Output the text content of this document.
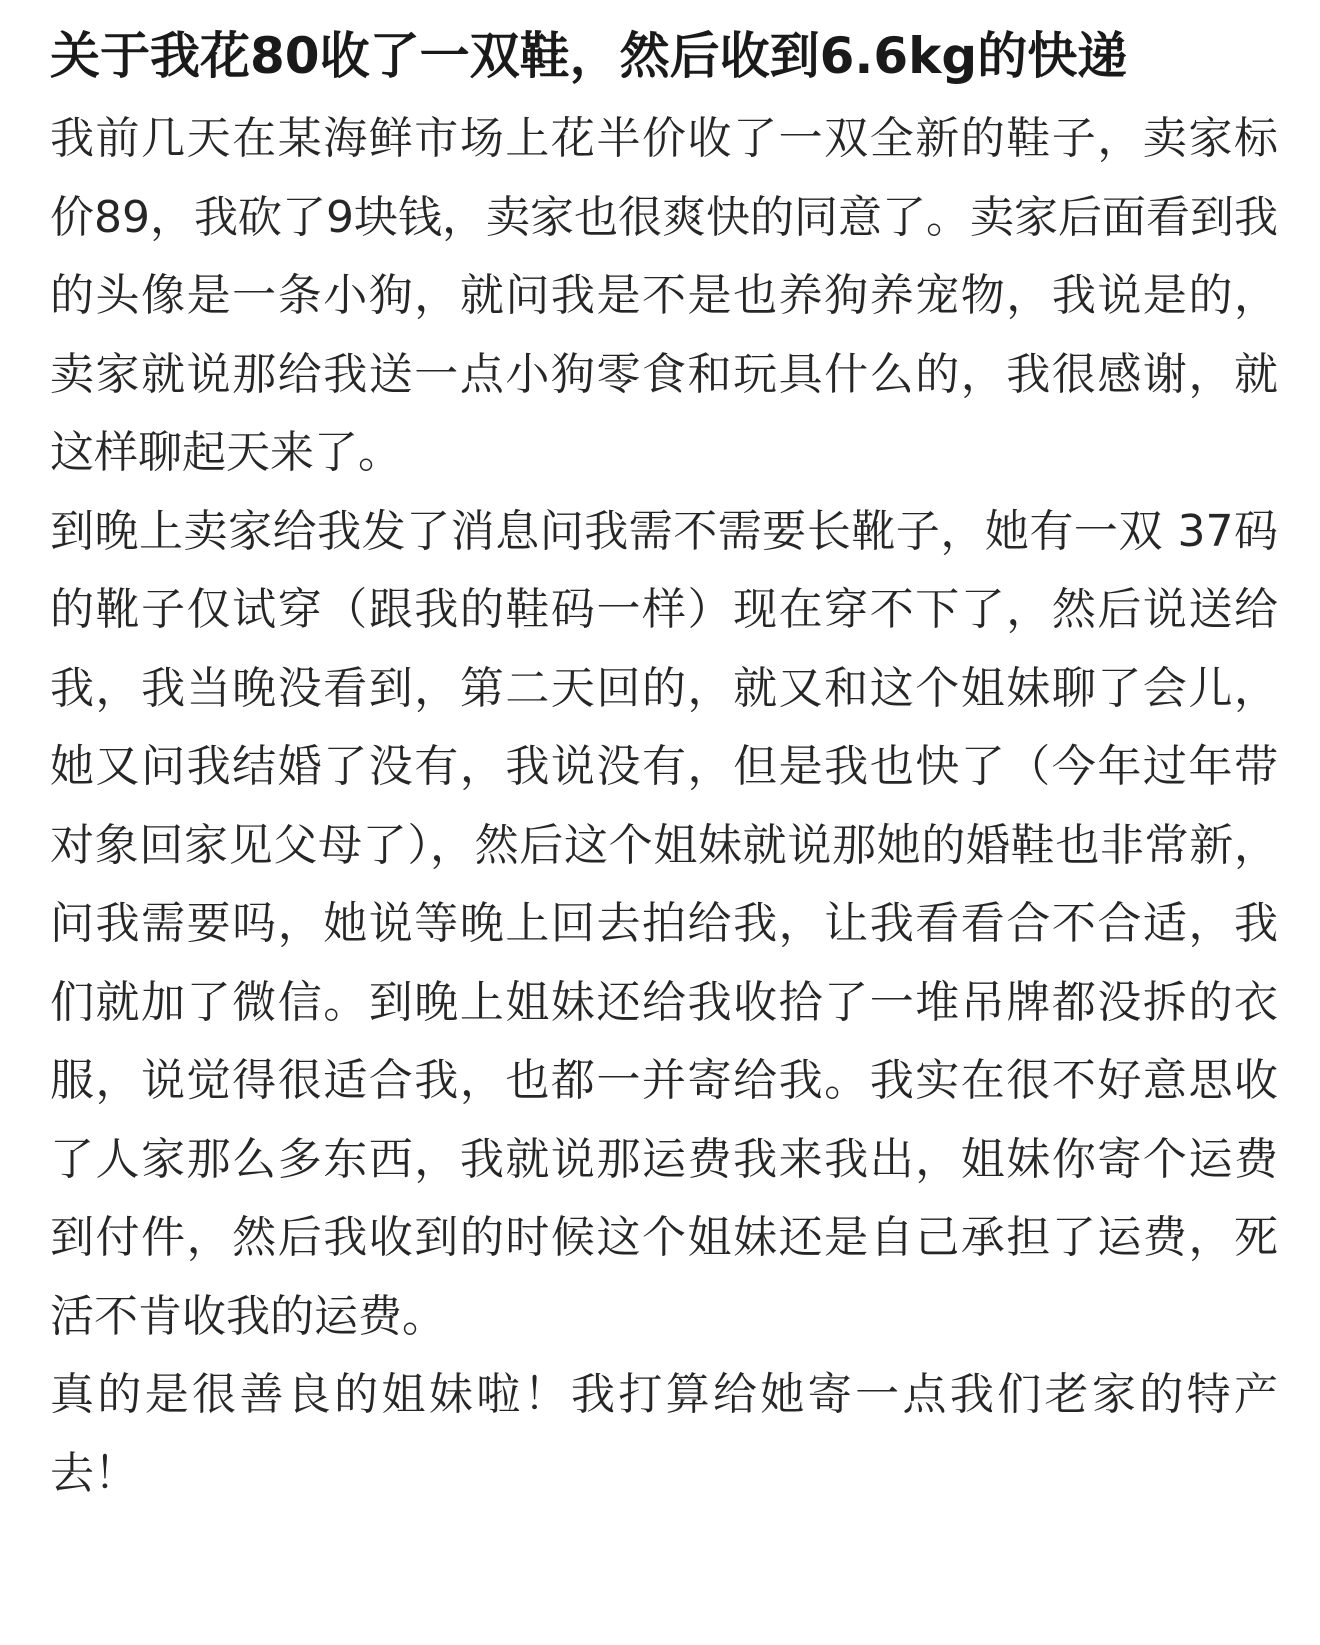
关于我花80收了一双鞋，然后收到6.6kg的快递

我前几天在某海鲜市场上花半价收了一双全新的鞋子，卖家标价89，我砍了9块钱，卖家也很爽快的同意了。卖家后面看到我的头像是一条小狗，就问我是不是也养狗养宠物，我说是的，卖家就说那给我送一点小狗零食和玩具什么的，我很感谢，就这样聊起天来了。

到晚上卖家给我发了消息问我需不需要长靴子，她有一双 37码的靴子仅试穿（跟我的鞋码一样）现在穿不下了，然后说送给我，我当晚没看到，第二天回的，就又和这个姐妹聊了会儿，她又问我结婚了没有，我说没有，但是我也快了（今年过年带对象回家见父母了），然后这个姐妹就说那她的婚鞋也非常新，问我需要吗，她说等晚上回去拍给我，让我看看合不合适，我们就加了微信。到晚上姐妹还给我收拾了一堆吊牌都没拆的衣服，说觉得很适合我，也都一并寄给我。我实在很不好意思收了人家那么多东西，我就说那运费我来我出，姐妹你寄个运费到付件，然后我收到的时候这个姐妹还是自己承担了运费，死活不肯收我的运费。

真的是很善良的姐妹啦！我打算给她寄一点我们老家的特产去！
